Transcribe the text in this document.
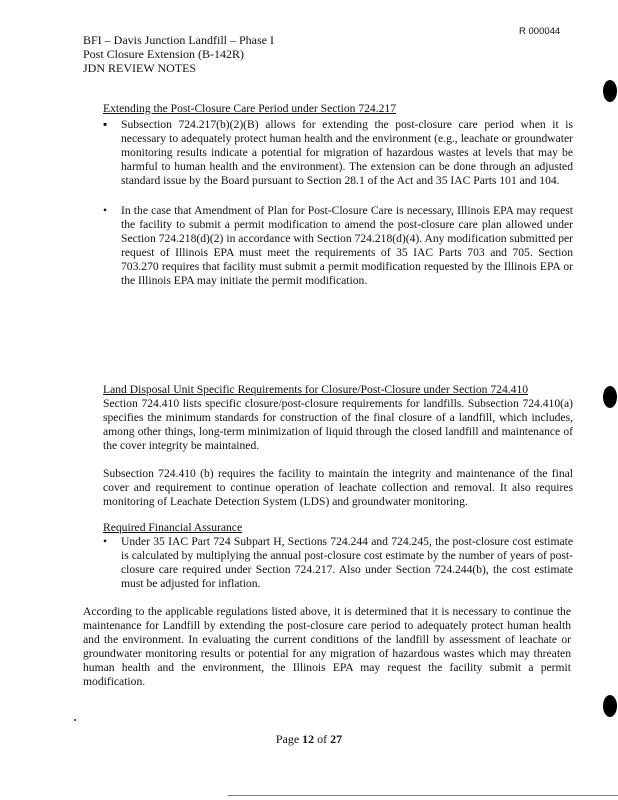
R 000044
BFI – Davis Junction Landfill – Phase I
Post Closure Extension (B-142R)
JDN REVIEW NOTES
Extending the Post-Closure Care Period under Section 724.217
▪ Subsection 724.217(b)(2)(B) allows for extending the post-closure care period when it is necessary to adequately protect human health and the environment (e.g., leachate or groundwater monitoring results indicate a potential for migration of hazardous wastes at levels that may be harmful to human health and the environment). The extension can be done through an adjusted standard issue by the Board pursuant to Section 28.1 of the Act and 35 IAC Parts 101 and 104.
• In the case that Amendment of Plan for Post-Closure Care is necessary, Illinois EPA may request the facility to submit a permit modification to amend the post-closure care plan allowed under Section 724.218(d)(2) in accordance with Section 724.218(d)(4). Any modification submitted per request of Illinois EPA must meet the requirements of 35 IAC Parts 703 and 705. Section 703.270 requires that facility must submit a permit modification requested by the Illinois EPA or the Illinois EPA may initiate the permit modification.
Land Disposal Unit Specific Requirements for Closure/Post-Closure under Section 724.410
Section 724.410 lists specific closure/post-closure requirements for landfills. Subsection 724.410(a) specifies the minimum standards for construction of the final closure of a landfill, which includes, among other things, long-term minimization of liquid through the closed landfill and maintenance of the cover integrity be maintained.
Subsection 724.410 (b) requires the facility to maintain the integrity and maintenance of the final cover and requirement to continue operation of leachate collection and removal. It also requires monitoring of Leachate Detection System (LDS) and groundwater monitoring.
Required Financial Assurance
• Under 35 IAC Part 724 Subpart H, Sections 724.244 and 724.245, the post-closure cost estimate is calculated by multiplying the annual post-closure cost estimate by the number of years of post-closure care required under Section 724.217. Also under Section 724.244(b), the cost estimate must be adjusted for inflation.
According to the applicable regulations listed above, it is determined that it is necessary to continue the maintenance for Landfill by extending the post-closure care period to adequately protect human health and the environment. In evaluating the current conditions of the landfill by assessment of leachate or groundwater monitoring results or potential for any migration of hazardous wastes which may threaten human health and the environment, the Illinois EPA may request the facility submit a permit modification.
Page 12 of 27
